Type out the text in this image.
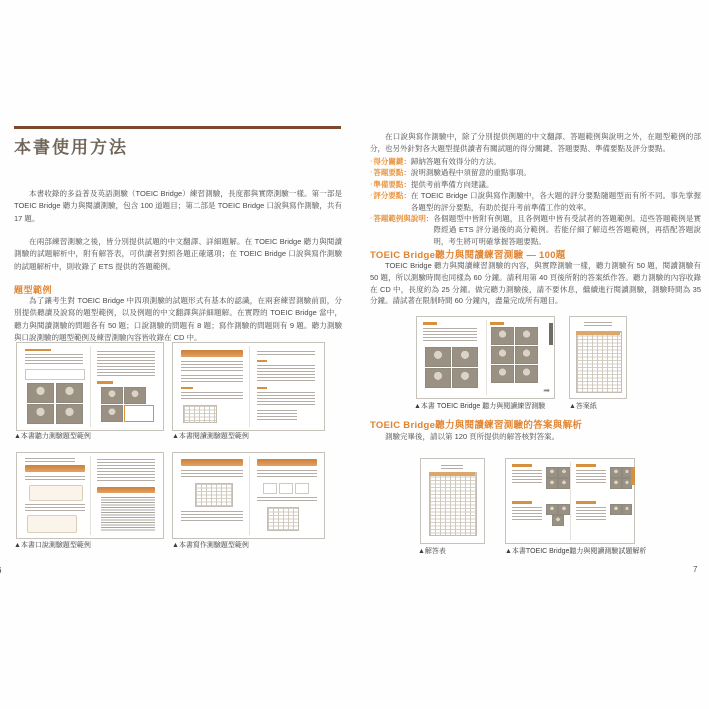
本書使用方法

本書收錄的多益普及英語測驗（TOEIC Bridge）練習測驗，長度都與實際測驗一樣。第一部是 TOEIC Bridge 聽力與閱讀測驗，包含 100 道題目；第二部是 TOEIC Bridge 口說與寫作測驗，共有 17 題。

在兩部練習測驗之後，皆分別提供試題的中文翻譯、詳細題解。在 TOEIC Bridge 聽力與閱讀測驗的試題解析中，附有解答表，可供讀者對照各題正確選項；在 TOEIC Bridge 口說與寫作測驗的試題解析中，則收錄了 ETS 提供的答題範例。

題型範例

為了讓考生對 TOEIC Bridge 中四項測驗的試題形式有基本的認識，在兩套練習測驗前面，分別提供聽讀及說寫的題型範例，以及例題的中文翻譯與詳細題解。在實際的 TOEIC Bridge 當中，聽力與閱讀測驗的問題各有 50 題；口說測驗的問題有 8 題；寫作測驗的問題則有 9 題。聽力測驗與口說測驗的題型範例及練習測驗內容皆收錄在 CD 中。

▲本書聽力測驗題型範例	▲本書閱讀測驗題型範例

▲本書口說測驗題型範例	▲本書寫作測驗題型範例

在口說與寫作測驗中，除了分別提供例題的中文翻譯、答題範例與說明之外，在題型範例的部分，也另外針對各大題型提供讀者有關試題的得分關鍵、答題要點、準備要點及評分要點。

‧ 得分關鍵 ： 歸納答題有效得分的方法。
‧ 答題要點 ： 說明測驗過程中須留意的重點事項。
‧ 準備要點 ： 提供考前準備方向建議。
‧ 評分要點 ： 在 TOEIC Bridge 口說與寫作測驗中，各大題的評分要點隨題型而有所不同。事先掌握各題型的評分要點，有助於提升考前準備工作的效率。
‧ 答題範例與說明 ： 各個題型中皆附有例題，且各例題中皆有受試者的答題範例。這些答題範例是實際經過 ETS 評分過後的高分範例。若能仔細了解這些答題範例，再搭配答題說明，考生將可明確掌握答題要點。
TOEIC Bridge聽力與閱讀練習測驗 — 100題

TOEIC Bridge 聽力與閱讀練習測驗的內容，與實際測驗一樣，聽力測驗有 50 題，閱讀測驗有 50 題，所以測驗時間也同樣為 60 分鐘。請利用第 40 頁後所附的答案紙作答。聽力測驗的內容收錄在 CD 中，長度約為 25 分鐘。做完聽力測驗後，請不要休息，繼續進行閱讀測驗，測驗時間為 35 分鐘。請試著在限制時間 60 分鐘內，盡量完成所有題目。

➡

▲本書 TOEIC Bridge 聽力與閱讀練習測驗	▲答案紙

TOEIC Bridge聽力與閱讀練習測驗的答案與解析

測驗完畢後，請以第 120 頁所提供的解答核對答案。

▲解答表	▲本書TOEIC Bridge聽力與閱讀測驗試題解析

7
